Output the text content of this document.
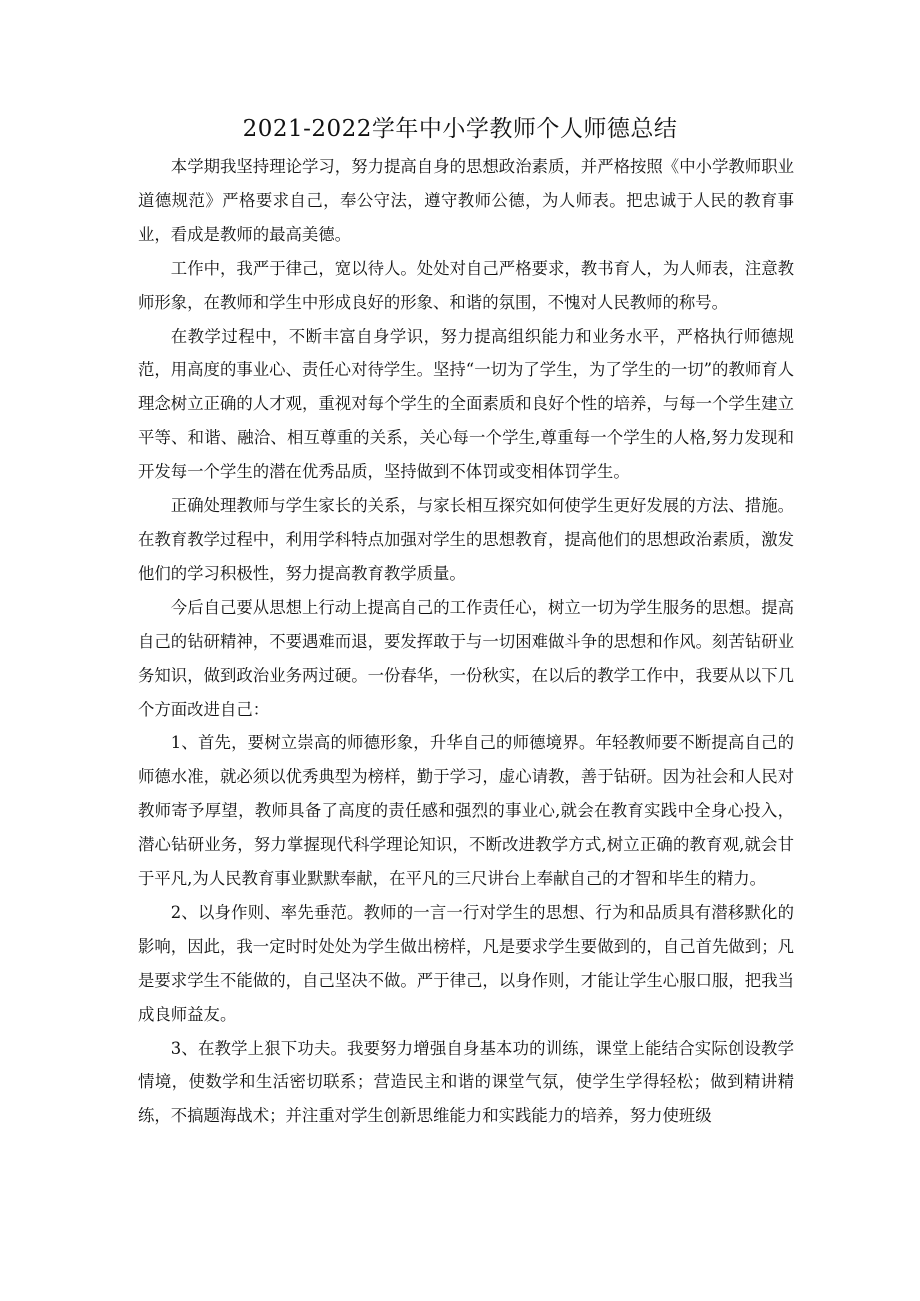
2021-2022学年中小学教师个人师德总结

本学期我坚持理论学习，努力提高自身的思想政治素质，并严格按照《中小学教师职业道德规范》严格要求自己，奉公守法，遵守教师公德，为人师表。把忠诚于人民的教育事业，看成是教师的最高美德。

工作中，我严于律己，宽以待人。处处对自己严格要求，教书育人，为人师表，注意教师形象，在教师和学生中形成良好的形象、和谐的氛围，不愧对人民教师的称号。

在教学过程中，不断丰富自身学识，努力提高组织能力和业务水平，严格执行师德规范，用高度的事业心、责任心对待学生。坚持“一切为了学生，为了学生的一切”的教师育人理念树立正确的人才观，重视对每个学生的全面素质和良好个性的培养，与每一个学生建立平等、和谐、融洽、相互尊重的关系，关心每一个学生,尊重每一个学生的人格,努力发现和开发每一个学生的潜在优秀品质，坚持做到不体罚或变相体罚学生。

正确处理教师与学生家长的关系，与家长相互探究如何使学生更好发展的方法、措施。在教育教学过程中，利用学科特点加强对学生的思想教育，提高他们的思想政治素质，激发他们的学习积极性，努力提高教育教学质量。

今后自己要从思想上行动上提高自己的工作责任心，树立一切为学生服务的思想。提高自己的钻研精神，不要遇难而退，要发挥敢于与一切困难做斗争的思想和作风。刻苦钻研业务知识，做到政治业务两过硬。一份春华，一份秋实，在以后的教学工作中，我要从以下几个方面改进自己：

1、首先，要树立崇高的师德形象，升华自己的师德境界。年轻教师要不断提高自己的师德水准，就必须以优秀典型为榜样，勤于学习，虚心请教，善于钻研。因为社会和人民对教师寄予厚望，教师具备了高度的责任感和强烈的事业心,就会在教育实践中全身心投入，潜心钻研业务，努力掌握现代科学理论知识，不断改进教学方式,树立正确的教育观,就会甘于平凡,为人民教育事业默默奉献，在平凡的三尺讲台上奉献自己的才智和毕生的精力。

2、以身作则、率先垂范。教师的一言一行对学生的思想、行为和品质具有潜移默化的影响，因此，我一定时时处处为学生做出榜样，凡是要求学生要做到的，自己首先做到；凡是要求学生不能做的，自己坚决不做。严于律己，以身作则，才能让学生心服口服，把我当成良师益友。

3、在教学上狠下功夫。我要努力增强自身基本功的训练，课堂上能结合实际创设教学情境，使数学和生活密切联系；营造民主和谐的课堂气氛，使学生学得轻松；做到精讲精练，不搞题海战术；并注重对学生创新思维能力和实践能力的培养，努力使班级
